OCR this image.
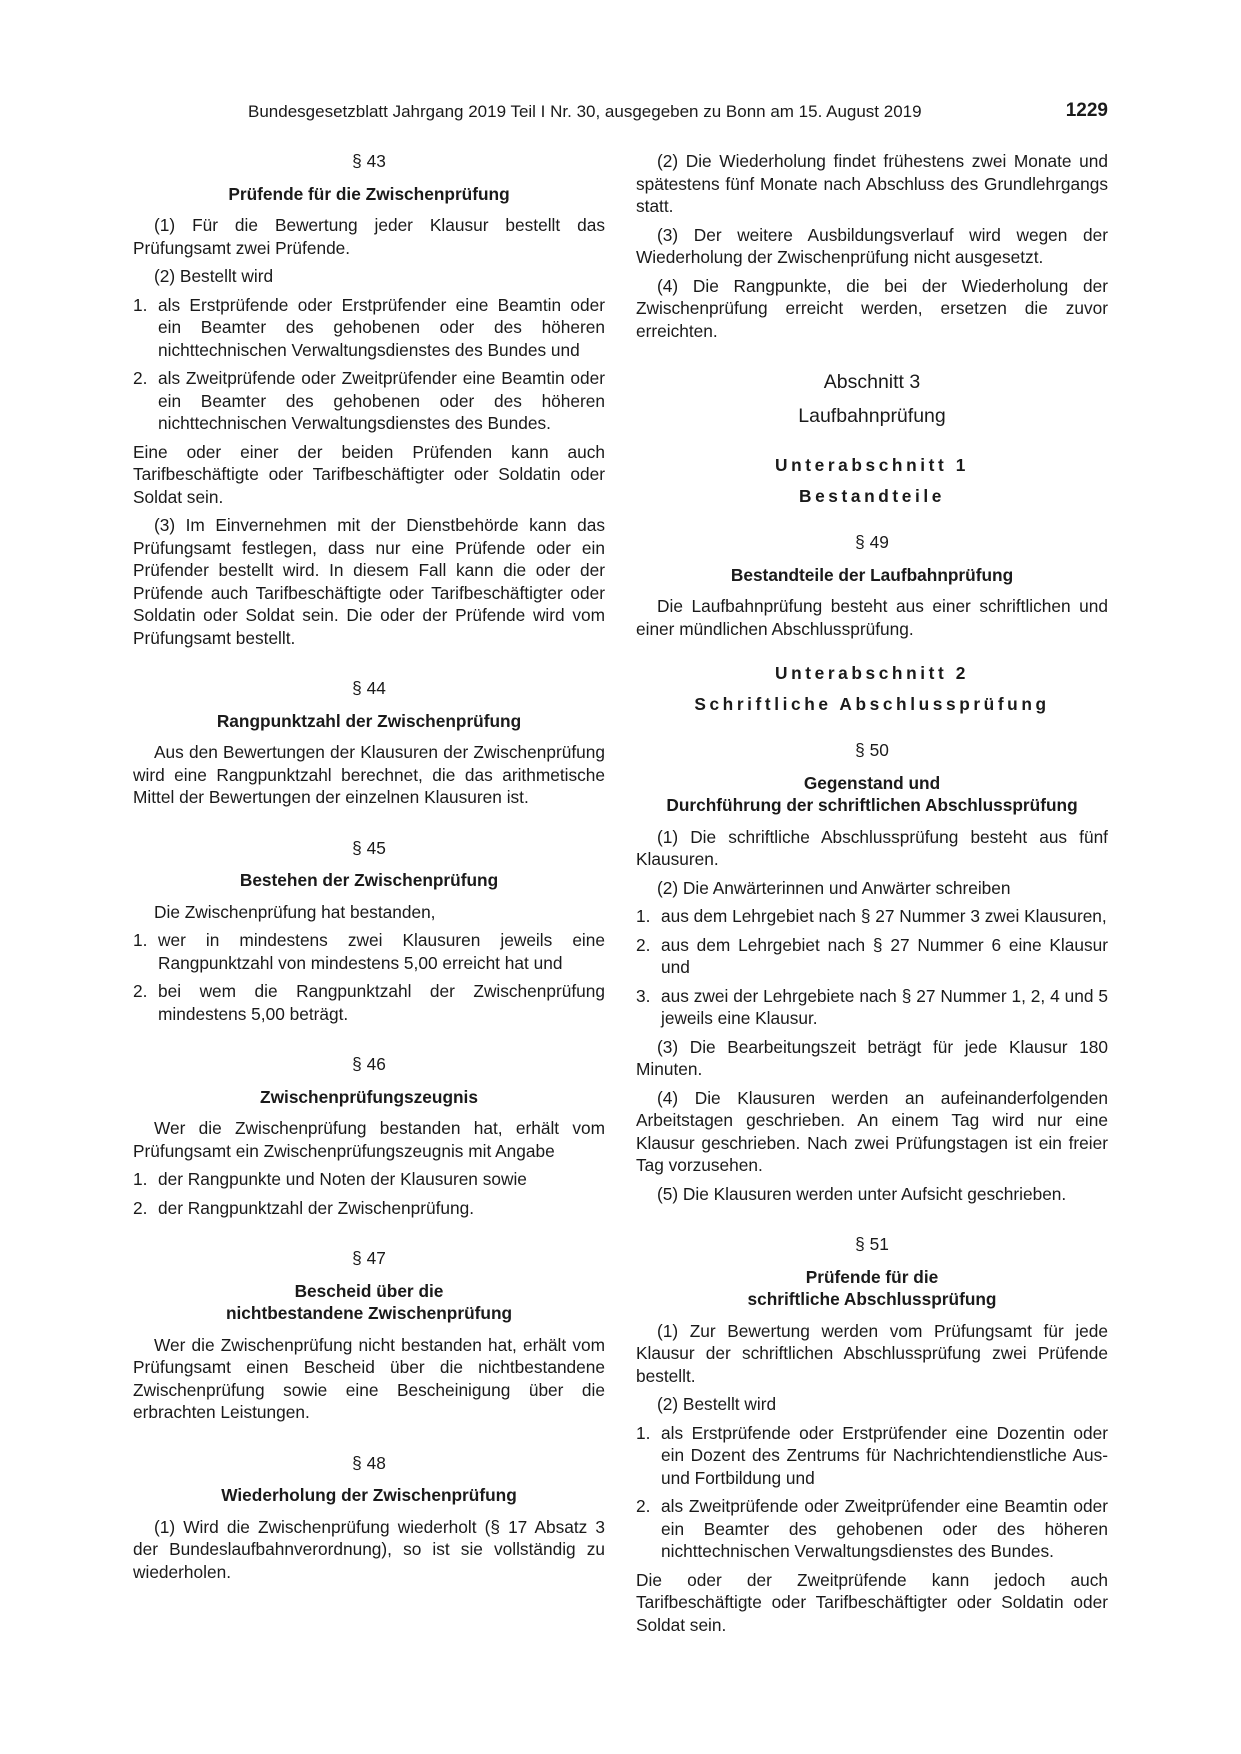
Bundesgesetzblatt Jahrgang 2019 Teil I Nr. 30, ausgegeben zu Bonn am 15. August 2019	1229
§ 43
Prüfende für die Zwischenprüfung

(1) Für die Bewertung jeder Klausur bestellt das Prüfungsamt zwei Prüfende.

(2) Bestellt wird

1. als Erstprüfende oder Erstprüfender eine Beamtin oder ein Beamter des gehobenen oder des höheren nichttechnischen Verwaltungsdienstes des Bundes und
2. als Zweitprüfende oder Zweitprüfender eine Beamtin oder ein Beamter des gehobenen oder des höheren nichttechnischen Verwaltungsdienstes des Bundes.

Eine oder einer der beiden Prüfenden kann auch Tarifbeschäftigte oder Tarifbeschäftigter oder Soldatin oder Soldat sein.

(3) Im Einvernehmen mit der Dienstbehörde kann das Prüfungsamt festlegen, dass nur eine Prüfende oder ein Prüfender bestellt wird. In diesem Fall kann die oder der Prüfende auch Tarifbeschäftigte oder Tarifbeschäftigter oder Soldatin oder Soldat sein. Die oder der Prüfende wird vom Prüfungsamt bestellt.

§ 44
Rangpunktzahl der Zwischenprüfung

Aus den Bewertungen der Klausuren der Zwischenprüfung wird eine Rangpunktzahl berechnet, die das arithmetische Mittel der Bewertungen der einzelnen Klausuren ist.

§ 45
Bestehen der Zwischenprüfung

Die Zwischenprüfung hat bestanden,

1. wer in mindestens zwei Klausuren jeweils eine Rangpunktzahl von mindestens 5,00 erreicht hat und
2. bei wem die Rangpunktzahl der Zwischenprüfung mindestens 5,00 beträgt.
§ 46
Zwischenprüfungszeugnis

Wer die Zwischenprüfung bestanden hat, erhält vom Prüfungsamt ein Zwischenprüfungszeugnis mit Angabe

1. der Rangpunkte und Noten der Klausuren sowie
2. der Rangpunktzahl der Zwischenprüfung.
§ 47
Bescheid über die
nichtbestandene Zwischenprüfung

Wer die Zwischenprüfung nicht bestanden hat, erhält vom Prüfungsamt einen Bescheid über die nichtbestandene Zwischenprüfung sowie eine Bescheinigung über die erbrachten Leistungen.

§ 48
Wiederholung der Zwischenprüfung

(1) Wird die Zwischenprüfung wiederholt (§ 17 Absatz 3 der Bundeslaufbahnverordnung), so ist sie vollständig zu wiederholen.

(2) Die Wiederholung findet frühestens zwei Monate und spätestens fünf Monate nach Abschluss des Grundlehrgangs statt.

(3) Der weitere Ausbildungsverlauf wird wegen der Wiederholung der Zwischenprüfung nicht ausgesetzt.

(4) Die Rangpunkte, die bei der Wiederholung der Zwischenprüfung erreicht werden, ersetzen die zuvor erreichten.

Abschnitt 3
Laufbahnprüfung
Unterabschnitt 1
Bestandteile
§ 49
Bestandteile der Laufbahnprüfung

Die Laufbahnprüfung besteht aus einer schriftlichen und einer mündlichen Abschlussprüfung.

Unterabschnitt 2
Schriftliche Abschlussprüfung
§ 50
Gegenstand und
Durchführung der schriftlichen Abschlussprüfung

(1) Die schriftliche Abschlussprüfung besteht aus fünf Klausuren.

(2) Die Anwärterinnen und Anwärter schreiben

1. aus dem Lehrgebiet nach § 27 Nummer 3 zwei Klausuren,
2. aus dem Lehrgebiet nach § 27 Nummer 6 eine Klausur und
3. aus zwei der Lehrgebiete nach § 27 Nummer 1, 2, 4 und 5 jeweils eine Klausur.

(3) Die Bearbeitungszeit beträgt für jede Klausur 180 Minuten.

(4) Die Klausuren werden an aufeinanderfolgenden Arbeitstagen geschrieben. An einem Tag wird nur eine Klausur geschrieben. Nach zwei Prüfungstagen ist ein freier Tag vorzusehen.

(5) Die Klausuren werden unter Aufsicht geschrieben.

§ 51
Prüfende für die
schriftliche Abschlussprüfung

(1) Zur Bewertung werden vom Prüfungsamt für jede Klausur der schriftlichen Abschlussprüfung zwei Prüfende bestellt.

(2) Bestellt wird

1. als Erstprüfende oder Erstprüfender eine Dozentin oder ein Dozent des Zentrums für Nachrichtendienstliche Aus- und Fortbildung und
2. als Zweitprüfende oder Zweitprüfender eine Beamtin oder ein Beamter des gehobenen oder des höheren nichttechnischen Verwaltungsdienstes des Bundes.

Die oder der Zweitprüfende kann jedoch auch Tarifbeschäftigte oder Tarifbeschäftigter oder Soldatin oder Soldat sein.
